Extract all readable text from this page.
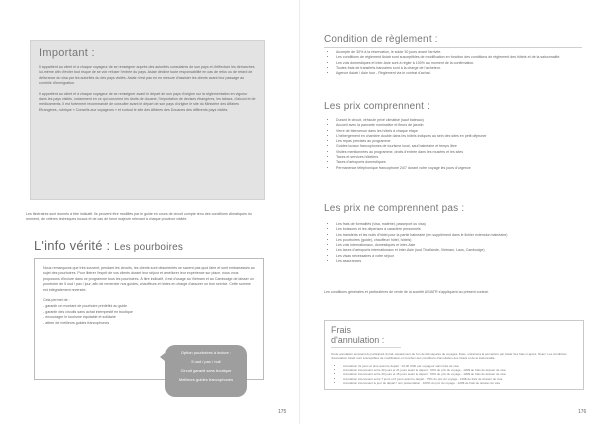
Important :

Il appartient au client et à chaque voyageur de se renseigner auprès des autorités consulaires de son pays et d'effectuer les démarches lui-même afin d'éviter tout risque de se voir refuser l'entrée du pays. Asiatr décline toute responsabilité en cas de refus ou de retard de délivrance du visa par les autorités du des pays visités. Asiatr n'est pas en en mesure d'assister les clients avant leur passage au contrôle d'immigration.

Il appartient au client et à chaque voyageur de se renseigner avant le départ de son pays d'origine sur la réglementation en vigueur dans les pays visités, notamment en ce qui concerne les droits de douane, l'importation de devises étrangères, les tabacs, d'alcool et de médicaments. Il est fortement recommandé de consulter avant le départ de son pays d'origine le site du Ministère des Affaires Etrangères, rubrique « Conseils aux voyageurs » et surtout le site des Affaires des Douanes des différents pays visités.

Les itinéraires sont donnés à titre indicatif. Ils peuvent être modifiés par le guide en cours de circuit compte tenu des conditions climatiques du moment, de critères techniques locaux et de cas de force majeure relevant à chaque province visitée.

L'info vérité : Les pourboires

Nous remarquons que très souvent, pendant les circuits, les clients sont désorientés ne savent pas quoi faire et sont embarrassés au sujet des pourboires. Pour libérer l'esprit de vos clients durant leur séjour et améliorer leur expérience sur place, nous vous proposons d'inclure dans ce programme tous les pourboires. À titre indicatif, il est d'usage au Vietnam et au Cambodge de laisser un pourboire de 5 usd / pax / jour, afin de remercier nos guides, chauffeurs et hôtes en charge d'assurer un bon service. Cette somme est intégralement reversée.

Cela permet de :

- garantir un montant de pourboire prédéfini au guide
- garantir des circuits sans achat intempestif en boutique
- encourager le tourisme équitable et solidaire
- attirer de meilleurs guides francophones

Option pourboires à inclure :

5 usd / pax / nuit

Circuit garanti sans boutique

Meilleurs guides francophones

175
Condition de règlement :
• Acompte de 30% à la réservation, le solde 30 jours avant l'arrivée.
• Les conditions de règlement Asiatr sont susceptibles de modification en fonction des conditions de règlement des hôtels et de la saisonnalité.
• Les vols domestiques et inter-Asie sont à régler à 100% au moment de la confirmation.
• Toutes frais de transferts bancaires sont à la charge de l'acheteur.
• Agence Asiatr / Asie tour - Règlement via le contrat d'achat.
Les prix comprennent :
• Durant le circuit, véhicule privé climatisé (sauf bateaux)
• Accueil avec la pancarte nominative et fleurs de jasmin
• Verre de bienvenue dans les hôtels à chaque étape
• L'hébergement en chambre double dans les hôtels indiqués au sein des sites en petit déjeuner
• Les repas précisés au programme
• Guides locaux francophones de tourisme local, sauf balnéaire et temps libre
• Visites mentionnées au programme, droits d'entrée dans les musées et les sites
• Taxes et services hôteliers
• Taxes d'aéroports domestiques
• Permanence téléphonique francophone 24/7 durant votre voyage les jours d'urgence
Les prix ne comprennent pas :
• Les frais de formalités (visa, matériel, passeport ou visa)
• Les boissons et les dépenses à caractère personnels
• Les transferts et les nuits d'hôtel pour la partie balnéaire (en supplément dans le fichier extension balnéaire)
• Les pourboires (guide), chauffeur/ hôtel, hôtels)
• Les vols internationaux, domestiques et inter-Asie
• Les taxes d'aéroports internationaux et inter-Asie (sud Thaïlande, Vietnam, Laos, Cambodge)
• Les visas nécessaires à votre séjour
• Les assurances

Les conditions générales et particulières de vente de la société ASIATR s'appliquent au présent contrat.

Frais d'annulation :

Toute annulation émanant du participant du fait, séparément de l'un de fait séparés de voyages, listés, entraînera la perception par Asiatr des frais ci-après. Notez: Les conditions d'annulation Asiatr sont susceptibles de modification en fonction des conditions d'annulation des hôtels et de la saisonnalité.

• Annulation 31 jours et plus avant le départ : 10,00 USD par voyageur sans frais de visa
• Annulation intervenant entre 30 jours et 21 jours avant le départ : 30% du prix du voyage - 100$ de frais de dossier de visa
• Annulation intervenant entre 20 jours et 15 jours avant le départ : 50% du prix du voyage - 100$ de frais de dossier de visa
• Annulation intervenant entre 7 jours et 5 jours avant le départ : 75% du prix du voyage - 100$ de frais de dossier de visa
• Annulation intervenant le jour du départ / non présentation : 100% du prix du voyage - 100$ de frais de dossier de visa
176
